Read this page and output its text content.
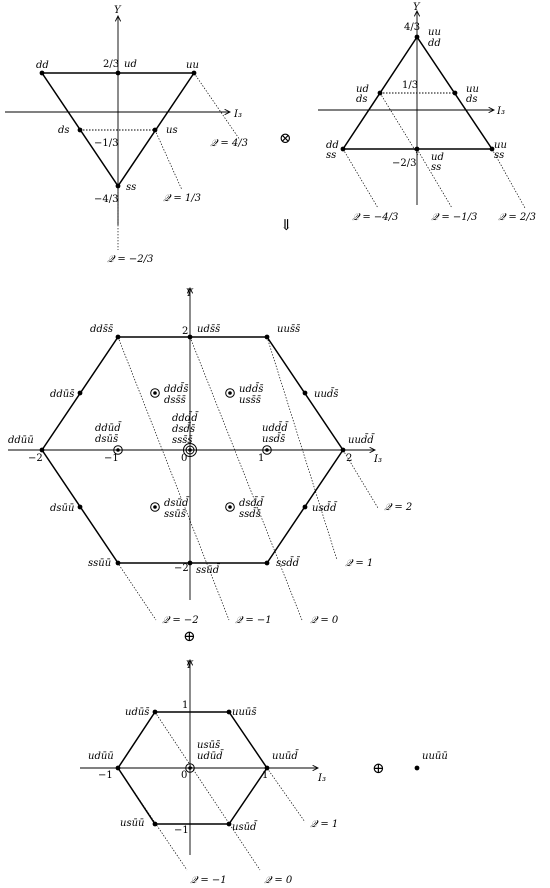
Y
I₃
dd	ud	uu
ds	us
ss
2/3
−1/3
−4/3
𝒬 = 4/3
𝒬 = 1/3
𝒬 = −2/3
⊗
⇓
Y
I₃
uu
dd
ud
ds
uu
ds
dd
ss	ud
ss
uu
ss
4/3
1/3
−2/3
𝒬 = −4/3	𝒬 = −1/3 𝒬 = 2/3
Y
I₃
dds̄s̄	uds̄s̄	uus̄s̄
ddūs̄	ddd̄s̄
dss̄s̄
udd̄s̄
uss̄s̄
uud̄s̄
ddūū
ddūd̄
dsūs̄
ddd̄d̄
dsd̄s̄
sss̄s̄
udd̄d̄
usd̄s̄	uud̄d̄
dsūū	dsūd̄
ssūs̄
dsd̄d̄
ssd̄s̄
usd̄d̄
ssūū
ssūd̄
ssd̄d̄
2
−2
−2	−1	0	1	2
𝒬 = 2
𝒬 = 1
𝒬 = −2	𝒬 = −1	𝒬 = 0
⊕
Y
I₃
udūs̄	uuūs̄
udūū
usūs̄
udūd̄	uuūd̄
usūū	usūd̄
1
−1
−1	0	1
𝒬 = 1
𝒬 = −1	𝒬 = 0
⊕
uuūū
